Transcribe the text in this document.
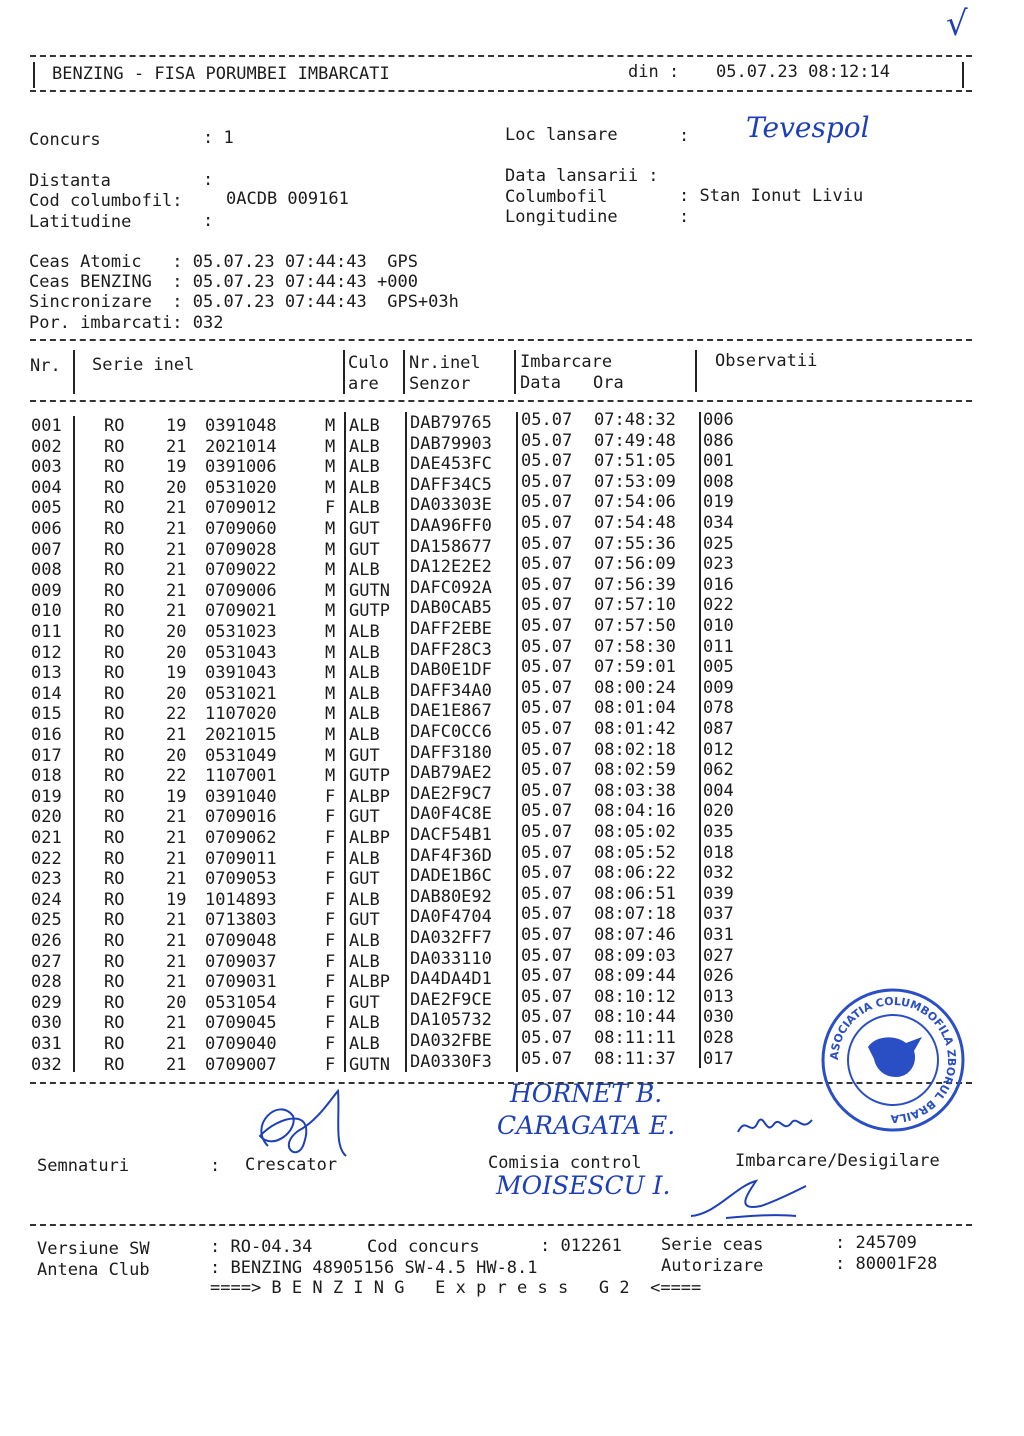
√
BENZING - FISA PORUMBEI IMBARCATI	din : 05.07.23 08:12:14
Concurs	: 1	Loc lansare	: Tevespol
Distanta	:	Data lansarii :
Cod columbofil:	0ACDB 009161	Columbofil	: Stan Ionut Liviu
Latitudine	:	Longitudine	:
Ceas Atomic   : 05.07.23 07:44:43  GPS
Ceas BENZING  : 05.07.23 07:44:43 +000
Sincronizare  : 05.07.23 07:44:43  GPS+03h
Por. imbarcati: 032
Nr. Serie inel	Culo
are
Nr.inel
Senzor
Imbarcare
Data Ora
Observatii
001 RO 19 0391048	M ALB DAB79765 05.07 07:48:32 006
002 RO 21 2021014	M ALB DAB79903 05.07 07:49:48 086
003 RO 19 0391006	M ALB DAE453FC 05.07 07:51:05 001
004 RO 20 0531020	M ALB DAFF34C5 05.07 07:53:09 008
005 RO 21 0709012	F ALB DA03303E 05.07 07:54:06 019
006 RO 21 0709060	M GUT DAA96FF0 05.07 07:54:48 034
007 RO 21 0709028	M GUT DA158677 05.07 07:55:36 025
008 RO 21 0709022	M ALB DA12E2E2 05.07 07:56:09 023
009 RO 21 0709006	M GUTN DAFC092A 05.07 07:56:39 016
010 RO 21 0709021	M GUTP DAB0CAB5 05.07 07:57:10 022
011 RO 20 0531023	M ALB DAFF2EBE 05.07 07:57:50 010
012 RO 20 0531043	M ALB DAFF28C3 05.07 07:58:30 011
013 RO 19 0391043	M ALB DAB0E1DF 05.07 07:59:01 005
014 RO 20 0531021	M ALB DAFF34A0 05.07 08:00:24 009
015 RO 22 1107020	M ALB DAE1E867 05.07 08:01:04 078
016 RO 21 2021015	M ALB DAFC0CC6 05.07 08:01:42 087
017 RO 20 0531049	M GUT DAFF3180 05.07 08:02:18 012
018 RO 22 1107001	M GUTP DAB79AE2 05.07 08:02:59 062
019 RO 19 0391040	F ALBP DAE2F9C7 05.07 08:03:38 004
020 RO 21 0709016	F GUT DA0F4C8E 05.07 08:04:16 020
021 RO 21 0709062	F ALBP DACF54B1 05.07 08:05:02 035
022 RO 21 0709011	F ALB DAF4F36D 05.07 08:05:52 018
023 RO 21 0709053	F GUT DADE1B6C 05.07 08:06:22 032
024 RO 19 1014893	F ALB DAB80E92 05.07 08:06:51 039
025 RO 21 0713803	F GUT DA0F4704 05.07 08:07:18 037
026 RO 21 0709048	F ALB DA032FF7 05.07 08:07:46 031
027 RO 21 0709037	F ALB DA033110 05.07 08:09:03 027
028 RO 21 0709031	F ALBP DA4DA4D1 05.07 08:09:44 026
029 RO 20 0531054	F GUT DAE2F9CE 05.07 08:10:12 013
030 RO 21 0709045	F ALB DA105732 05.07 08:10:44 030
031 RO 21 0709040	F ALB DA032FBE 05.07 08:11:11 028
032 RO 21 0709007	F GUTN DA0330F3 05.07 08:11:37 017	ASOCIATIA COLUMBOFILA ZBORUL BRAILA
HORNET B.
CARAGATA E.
MOISESCU I.
Semnaturi	: Crescator	Comisia control	Imbarcare/Desigilare
Versiune SW	: RO-04.34	Cod concurs	: 012261 Serie ceas	: 245709
Antena Club	: BENZING 48905156 SW-4.5 HW-8.1	Autorizare	: 80001F28
====> B E N Z I N G   E x p r e s s   G 2  <====
